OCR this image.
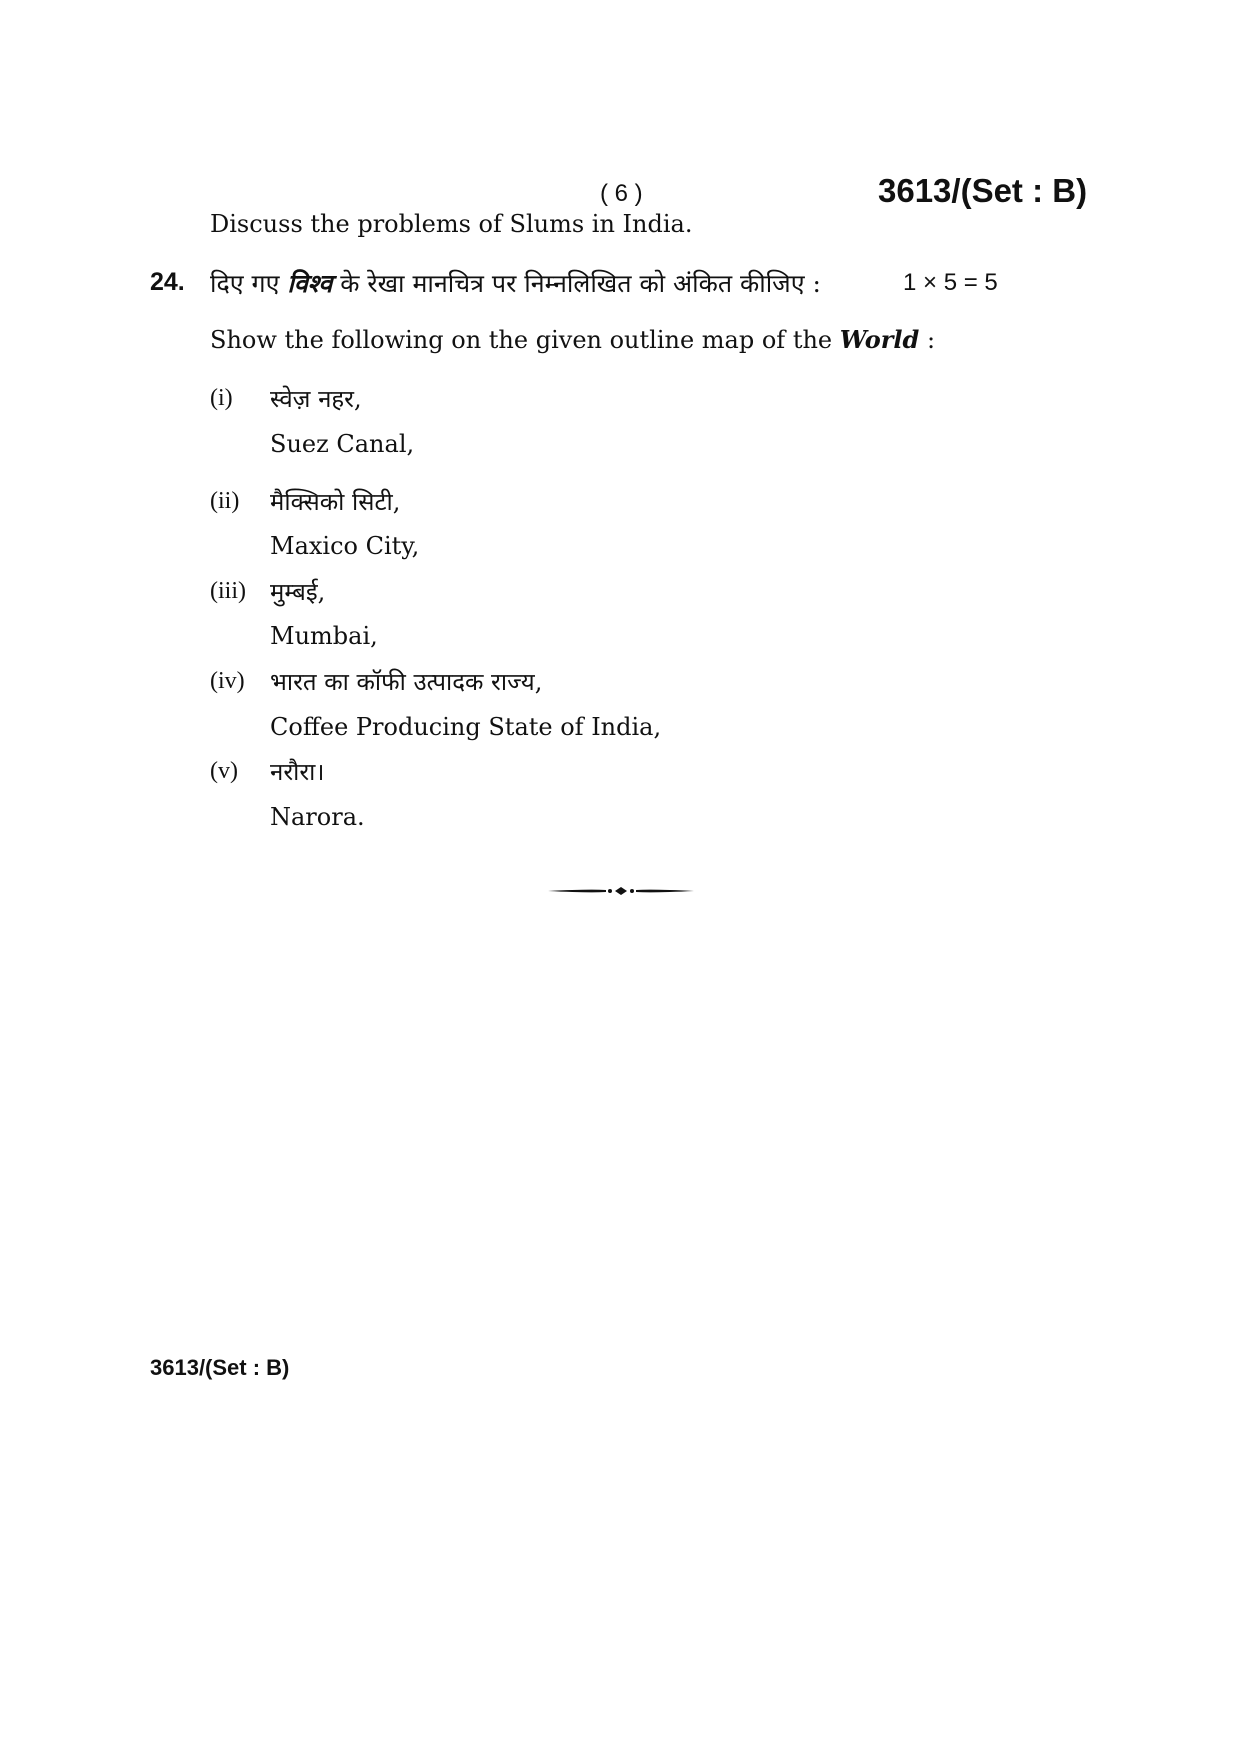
( 6 )	3613/(Set : B)
Discuss the problems of Slums in India.
24. दिए गए विश्व के रेखा मानचित्र पर निम्नलिखित को अंकित कीजिए :	1 × 5 = 5
Show the following on the given outline map of the World :
(i) स्वेज़ नहर,
Suez Canal,
(ii) मैक्सिको सिटी,
Maxico City,
(iii) मुम्बई,
Mumbai,
(iv) भारत का कॉफी उत्पादक राज्य,
Coffee Producing State of India,
(v) नरौरा।
Narora.
3613/(Set : B)
